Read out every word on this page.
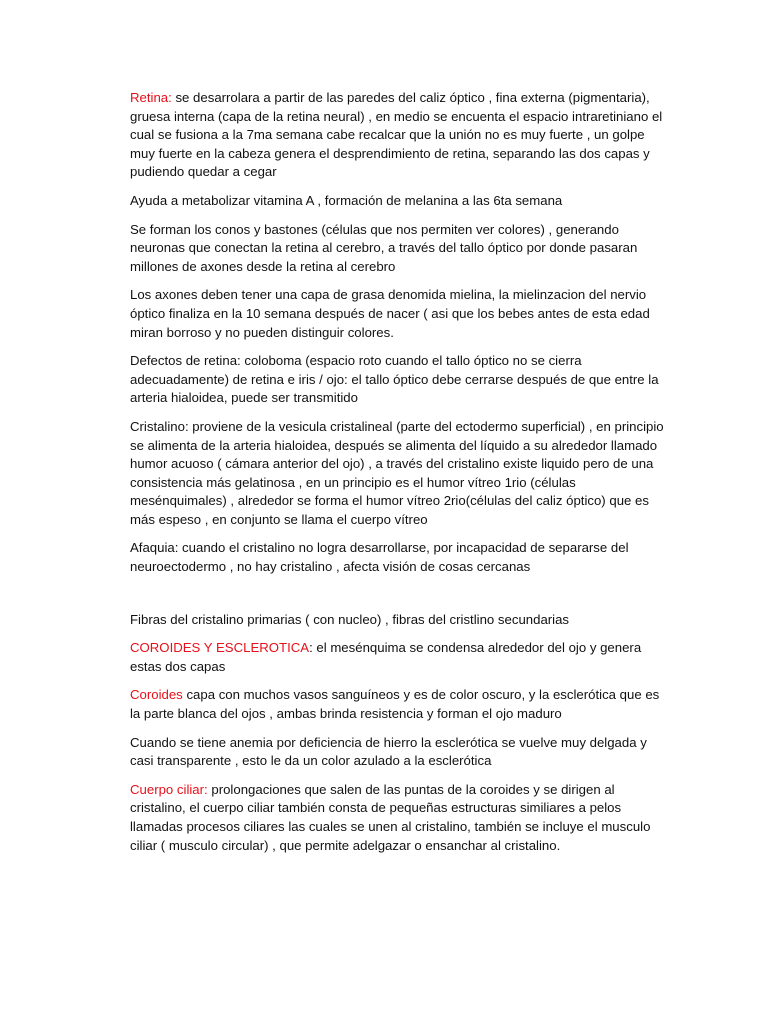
Retina: se desarrolara a partir de las paredes del caliz óptico , fina externa (pigmentaria), gruesa interna (capa de la retina neural) , en medio se encuenta el espacio intraretiniano el cual se fusiona a la 7ma semana cabe recalcar que la unión no es muy fuerte , un golpe muy fuerte en la cabeza genera el desprendimiento de retina, separando las dos capas y pudiendo quedar a cegar

Ayuda a metabolizar vitamina A , formación de melanina a las 6ta semana

Se forman los conos y bastones (células que nos permiten ver colores) , generando neuronas que conectan la retina al cerebro, a través del tallo óptico por donde pasaran millones de axones desde la retina al cerebro

Los axones deben tener una capa de grasa denomida mielina, la mielinzacion del nervio óptico finaliza en la 10 semana después de nacer ( asi que los bebes antes de esta edad miran borroso y no pueden distinguir colores.

Defectos de retina: coloboma (espacio roto cuando el tallo óptico no se cierra adecuadamente) de retina e iris / ojo: el tallo óptico debe cerrarse después de que entre la arteria hialoidea, puede ser transmitido

Cristalino: proviene de la vesicula cristalineal (parte del ectodermo superficial) , en principio se alimenta de la arteria hialoidea, después se alimenta del líquido a su alrededor llamado humor acuoso ( cámara anterior del ojo) , a través del cristalino existe liquido pero de una consistencia más gelatinosa , en un principio es el humor vítreo 1rio (células mesénquimales) , alrededor se forma el humor vítreo 2rio(células del caliz óptico) que es más espeso , en conjunto se llama el cuerpo vítreo

Afaquia: cuando el cristalino no logra desarrollarse, por incapacidad de separarse del neuroectodermo , no hay cristalino , afecta visión de cosas cercanas

Fibras del cristalino primarias ( con nucleo) , fibras del cristlino secundarias

COROIDES Y ESCLEROTICA: el mesénquima se condensa alrededor del ojo y genera estas dos capas

Coroides capa con muchos vasos sanguíneos y es de color oscuro, y la esclerótica que es la parte blanca del ojos , ambas brinda resistencia y forman el ojo maduro

Cuando se tiene anemia por deficiencia de hierro la esclerótica se vuelve muy delgada y casi transparente , esto le da un color azulado a la esclerótica

Cuerpo ciliar: prolongaciones que salen de las puntas de la coroides y se dirigen al cristalino, el cuerpo ciliar también consta de pequeñas estructuras similiares a pelos llamadas procesos ciliares las cuales se unen al cristalino, también se incluye el musculo ciliar ( musculo circular) , que permite adelgazar o ensanchar al cristalino.
